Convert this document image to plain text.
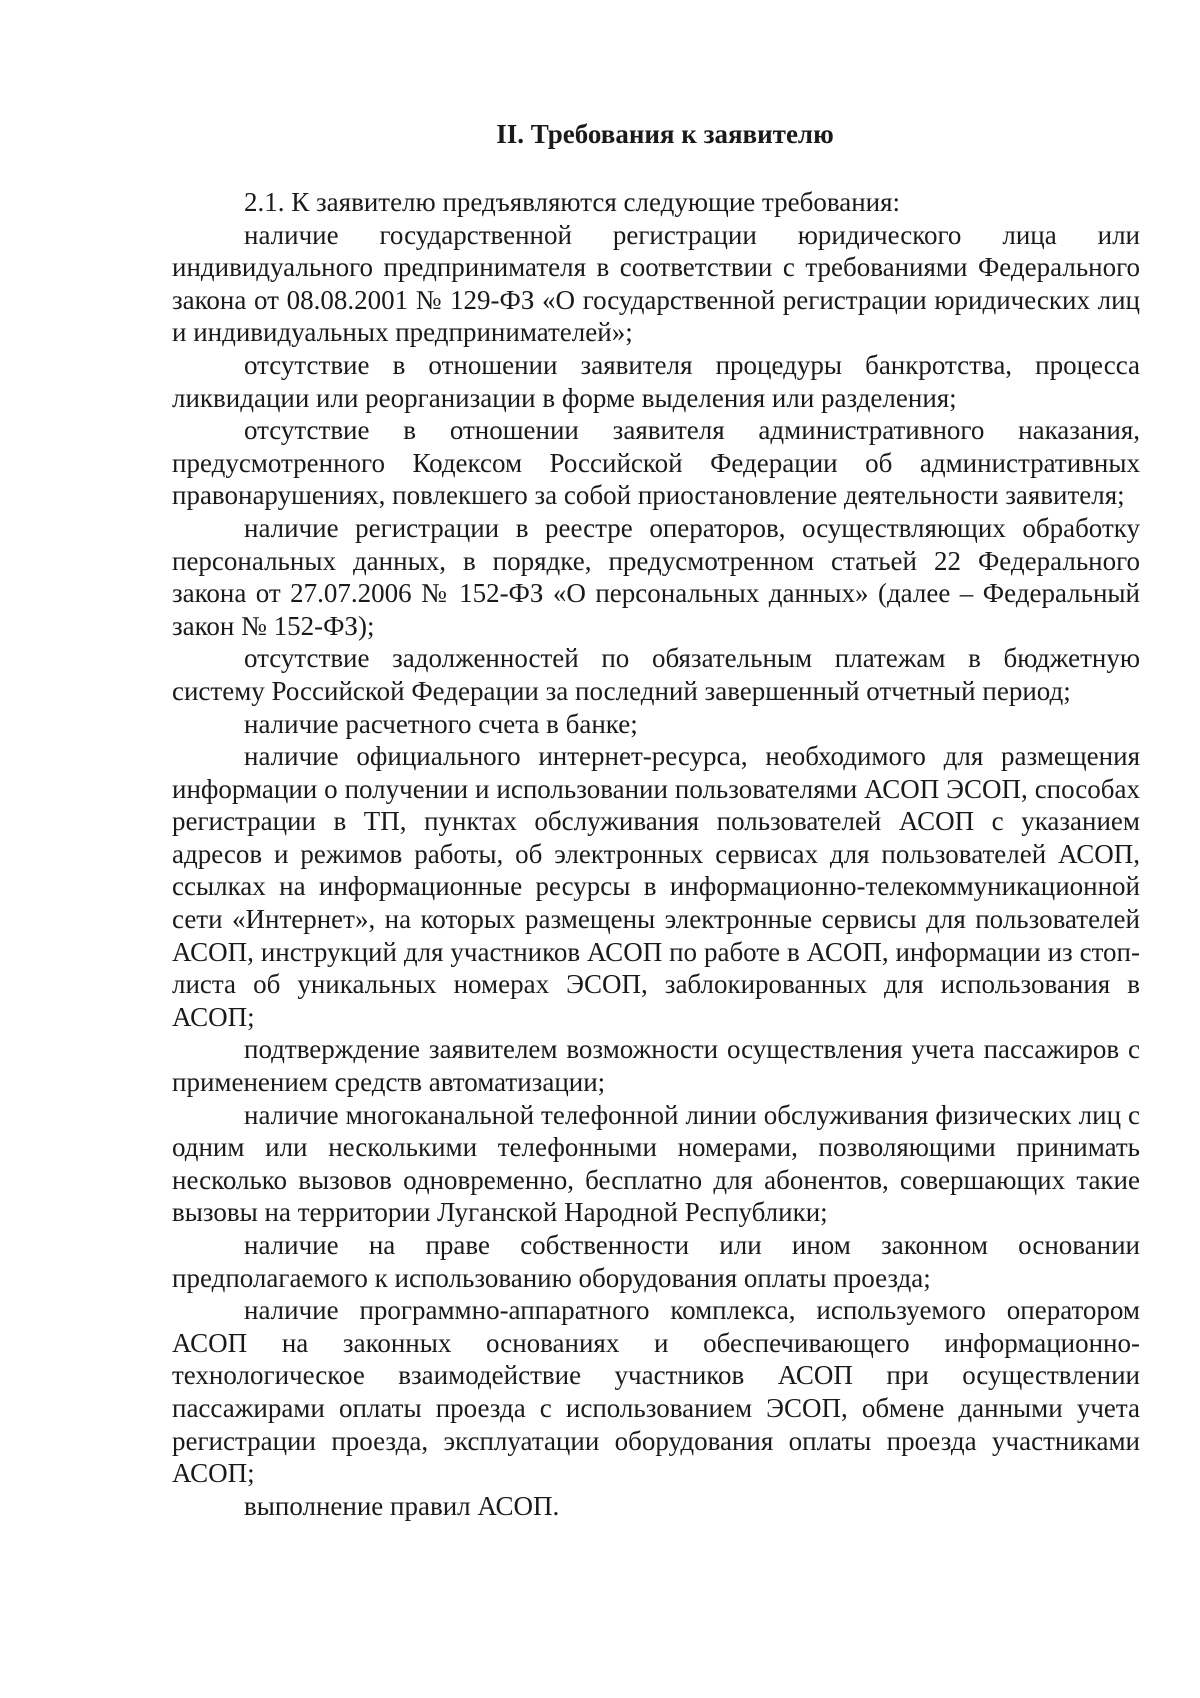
II. Требования к заявителю

2.1. К заявителю предъявляются следующие требования:

наличие государственной регистрации юридического лица или индивидуального предпринимателя в соответствии с требованиями Федерального закона от 08.08.2001 № 129-ФЗ «О государственной регистрации юридических лиц и индивидуальных предпринимателей»;

отсутствие в отношении заявителя процедуры банкротства, процесса ликвидации или реорганизации в форме выделения или разделения;

отсутствие в отношении заявителя административного наказания, предусмотренного Кодексом Российской Федерации об административных правонарушениях, повлекшего за собой приостановление деятельности заявителя;

наличие регистрации в реестре операторов, осуществляющих обработку персональных данных, в порядке, предусмотренном статьей 22 Федерального закона от 27.07.2006 № 152-ФЗ «О персональных данных» (далее – Федеральный закон № 152-ФЗ);

отсутствие задолженностей по обязательным платежам в бюджетную систему Российской Федерации за последний завершенный отчетный период;

наличие расчетного счета в банке;

наличие официального интернет-ресурса, необходимого для размещения информации о получении и использовании пользователями АСОП ЭСОП, способах регистрации в ТП, пунктах обслуживания пользователей АСОП с указанием адресов и режимов работы, об электронных сервисах для пользователей АСОП, ссылках на информационные ресурсы в информационно-телекоммуникационной сети «Интернет», на которых размещены электронные сервисы для пользователей АСОП, инструкций для участников АСОП по работе в АСОП, информации из стоп-листа об уникальных номерах ЭСОП, заблокированных для использования в АСОП;

подтверждение заявителем возможности осуществления учета пассажиров с применением средств автоматизации;

наличие многоканальной телефонной линии обслуживания физических лиц с одним или несколькими телефонными номерами, позволяющими принимать несколько вызовов одновременно, бесплатно для абонентов, совершающих такие вызовы на территории Луганской Народной Республики;

наличие на праве собственности или ином законном основании предполагаемого к использованию оборудования оплаты проезда;

наличие программно-аппаратного комплекса, используемого оператором АСОП на законных основаниях и обеспечивающего информационно-технологическое взаимодействие участников АСОП при осуществлении пассажирами оплаты проезда с использованием ЭСОП, обмене данными учета регистрации проезда, эксплуатации оборудования оплаты проезда участниками АСОП;

выполнение правил АСОП.
